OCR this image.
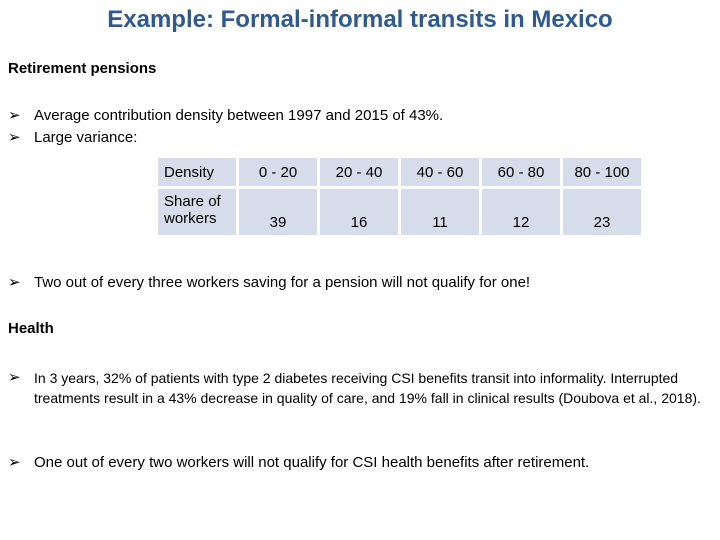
Example: Formal-informal transits in Mexico
Retirement pensions
➢ Average contribution density between 1997 and 2015 of 43%.
➢ Large variance:
Density	0 - 20	20 - 40	40 - 60	60 - 80	80 - 100
Share of workers	39	16	11	12	23
➢ Two out of every three workers saving for a pension will not qualify for one!
Health
➢ In 3 years, 32% of patients with type 2 diabetes receiving CSI benefits transit into informality. Interrupted treatments result in a 43% decrease in quality of care, and 19% fall in clinical results (Doubova et al., 2018).
➢ One out of every two workers will not qualify for CSI health benefits after retirement.
